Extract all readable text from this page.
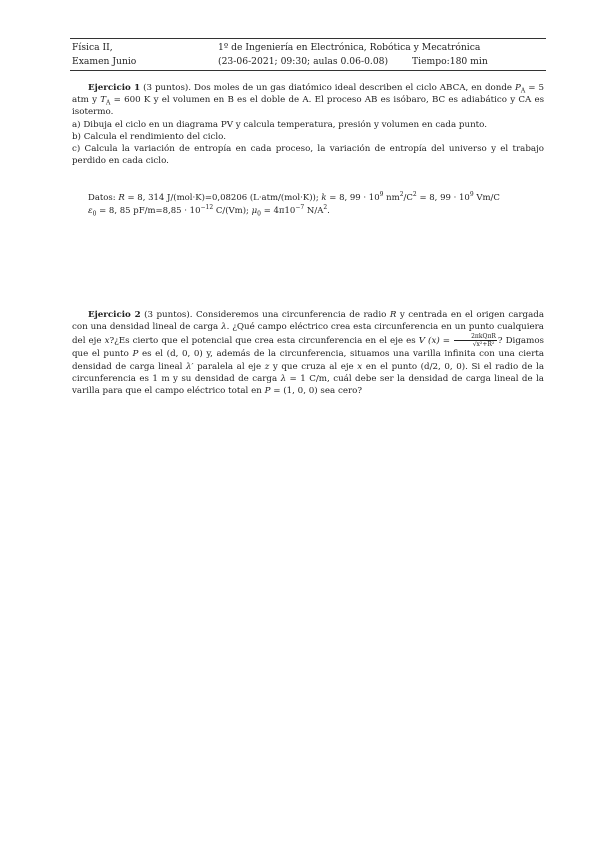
Física II,
Examen Junio
1º de Ingeniería en Electrónica, Robótica y Mecatrónica
(23-06-2021; 09:30; aulas 0.06-0.08)	Tiempo:180 min

Ejercicio 1 (3 puntos). Dos moles de un gas diatómico ideal describen el ciclo ABCA, en donde $P_A = 5$ atm y $T_A = 600$ K y el volumen en B es el doble de A. El proceso AB es isóbaro, BC es adiabático y CA es isotermo.

a) Dibuja el ciclo en un diagrama PV y calcula temperatura, presión y volumen en cada punto.

b) Calcula el rendimiento del ciclo.

c) Calcula la variación de entropía en cada proceso, la variación de entropía del universo y el trabajo perdido en cada ciclo.

Datos: R = 8, 314 J/(mol·K)=0,08206 (L·atm/(mol·K)); k = 8, $99 \cdot 10^9$ $nm^2/C^2 = 8$, $99 \cdot 10^9$ Vm/C

$\varepsilon_0 = 8$, 85 $pF/m=8,85 \cdot 10^{-12}$ C/(Vm); $\mu_0 = 4\pi 10^{-7}$ $N/A^2$.

Ejercicio 2 (3 puntos). Consideremos una circunferencia de radio R y centrada en el origen cargada con una densidad lineal de carga λ. ¿Qué campo eléctrico crea esta circunferencia en un punto cualquiera del eje x?¿Es cierto que el potencial que crea esta circunferencia en el eje es V $(x) = \frac{\text{2πkQπR}}{\text{√x²+R²}}$ ? Digamos que el punto P es el (d, 0, 0) y, además de la circunferencia, situamos una varilla infinita con una cierta densidad de carga lineal λ′ paralela al eje z y que cruza al eje x en el punto (d/2, 0, 0). Si el radio de la circunferencia es 1 m y su densidad de carga λ = 1 C/m, cuál debe ser la densidad de carga lineal de la varilla para que el campo eléctrico total en P = (1, 0, 0) sea cero?
